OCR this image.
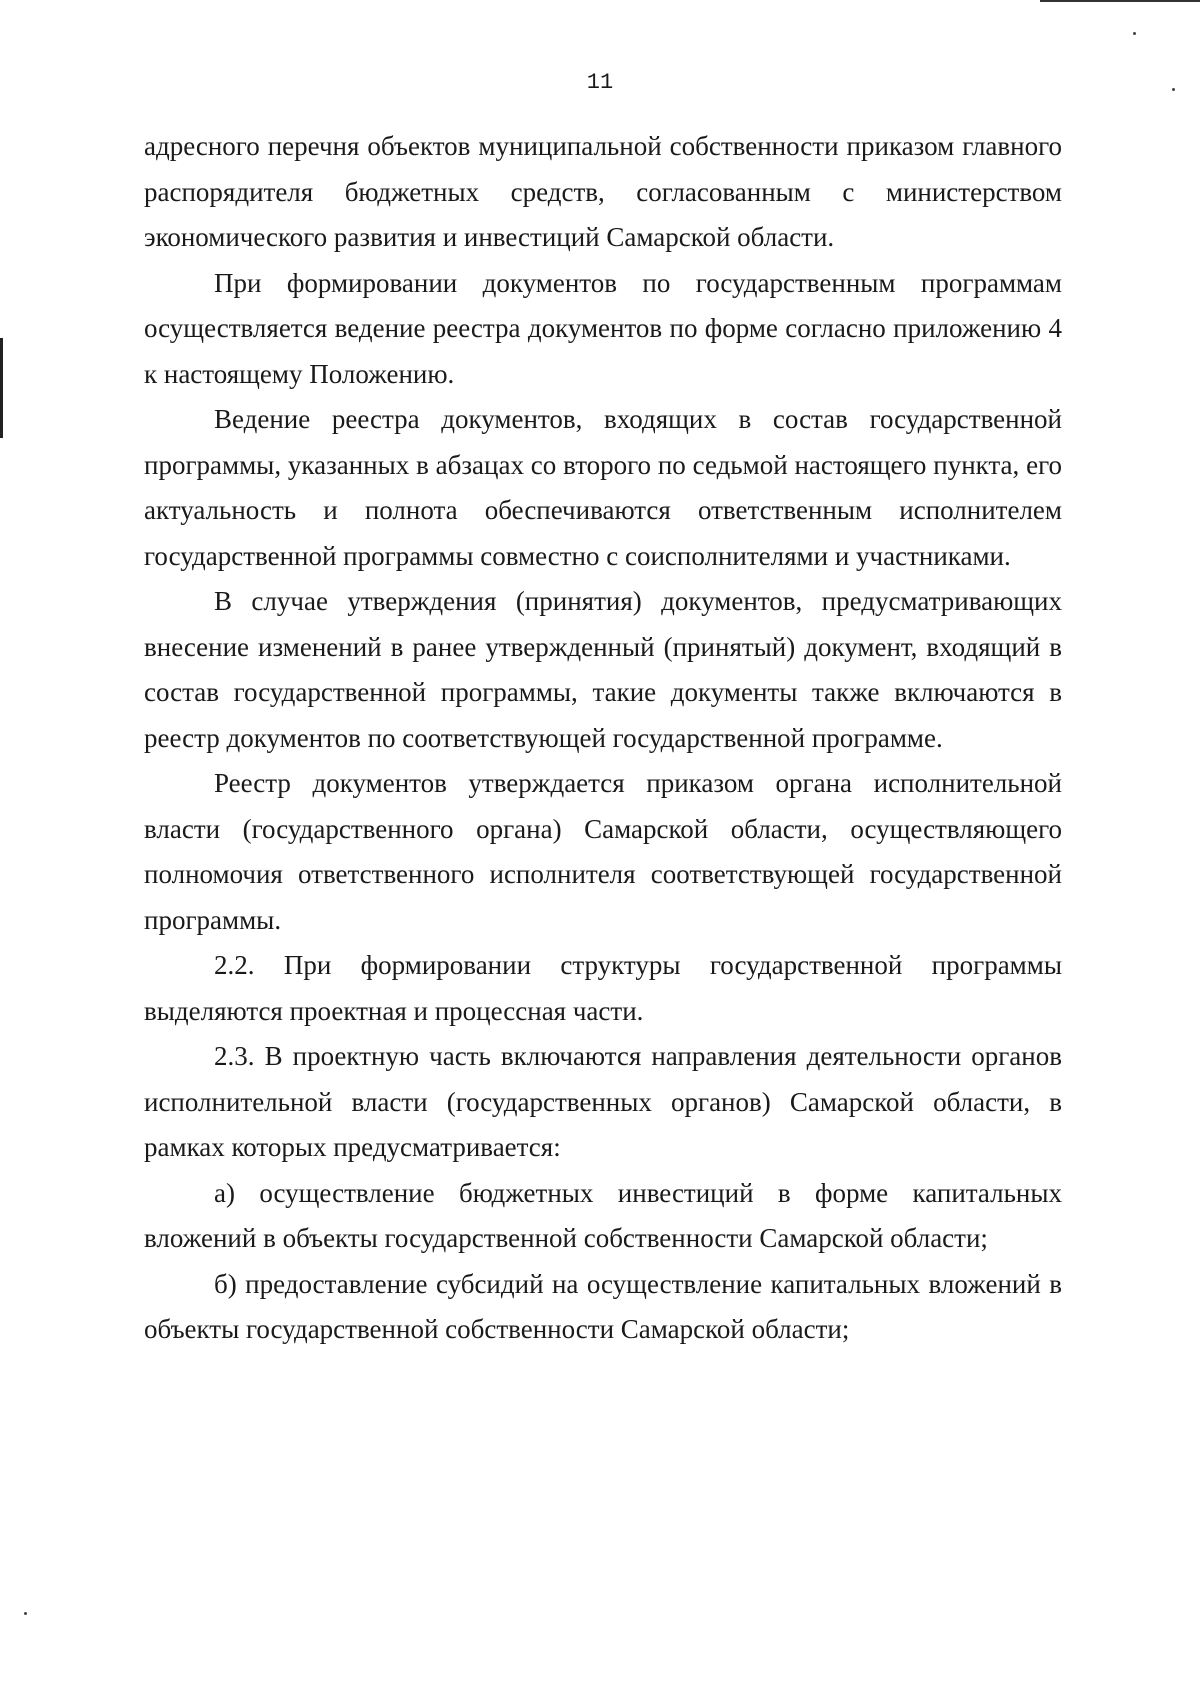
11

адресного перечня объектов муниципальной собственности приказом главного распорядителя бюджетных средств, согласованным с министерством экономического развития и инвестиций Самарской области.

При формировании документов по государственным программам осуществляется ведение реестра документов по форме согласно приложению 4 к настоящему Положению.

Ведение реестра документов, входящих в состав государственной программы, указанных в абзацах со второго по седьмой настоящего пункта, его актуальность и полнота обеспечиваются ответственным исполнителем государственной программы совместно с соисполнителями и участниками.

В случае утверждения (принятия) документов, предусматривающих внесение изменений в ранее утвержденный (принятый) документ, входящий в состав государственной программы, такие документы также включаются в реестр документов по соответствующей государственной программе.

Реестр документов утверждается приказом органа исполнительной власти (государственного органа) Самарской области, осуществляющего полномочия ответственного исполнителя соответствующей государственной программы.

2.2. При формировании структуры государственной программы выделяются проектная и процессная части.

2.3. В проектную часть включаются направления деятельности органов исполнительной власти (государственных органов) Самарской области, в рамках которых предусматривается:

а) осуществление бюджетных инвестиций в форме капитальных вложений в объекты государственной собственности Самарской области;

б) предоставление субсидий на осуществление капитальных вложений в объекты государственной собственности Самарской области;
